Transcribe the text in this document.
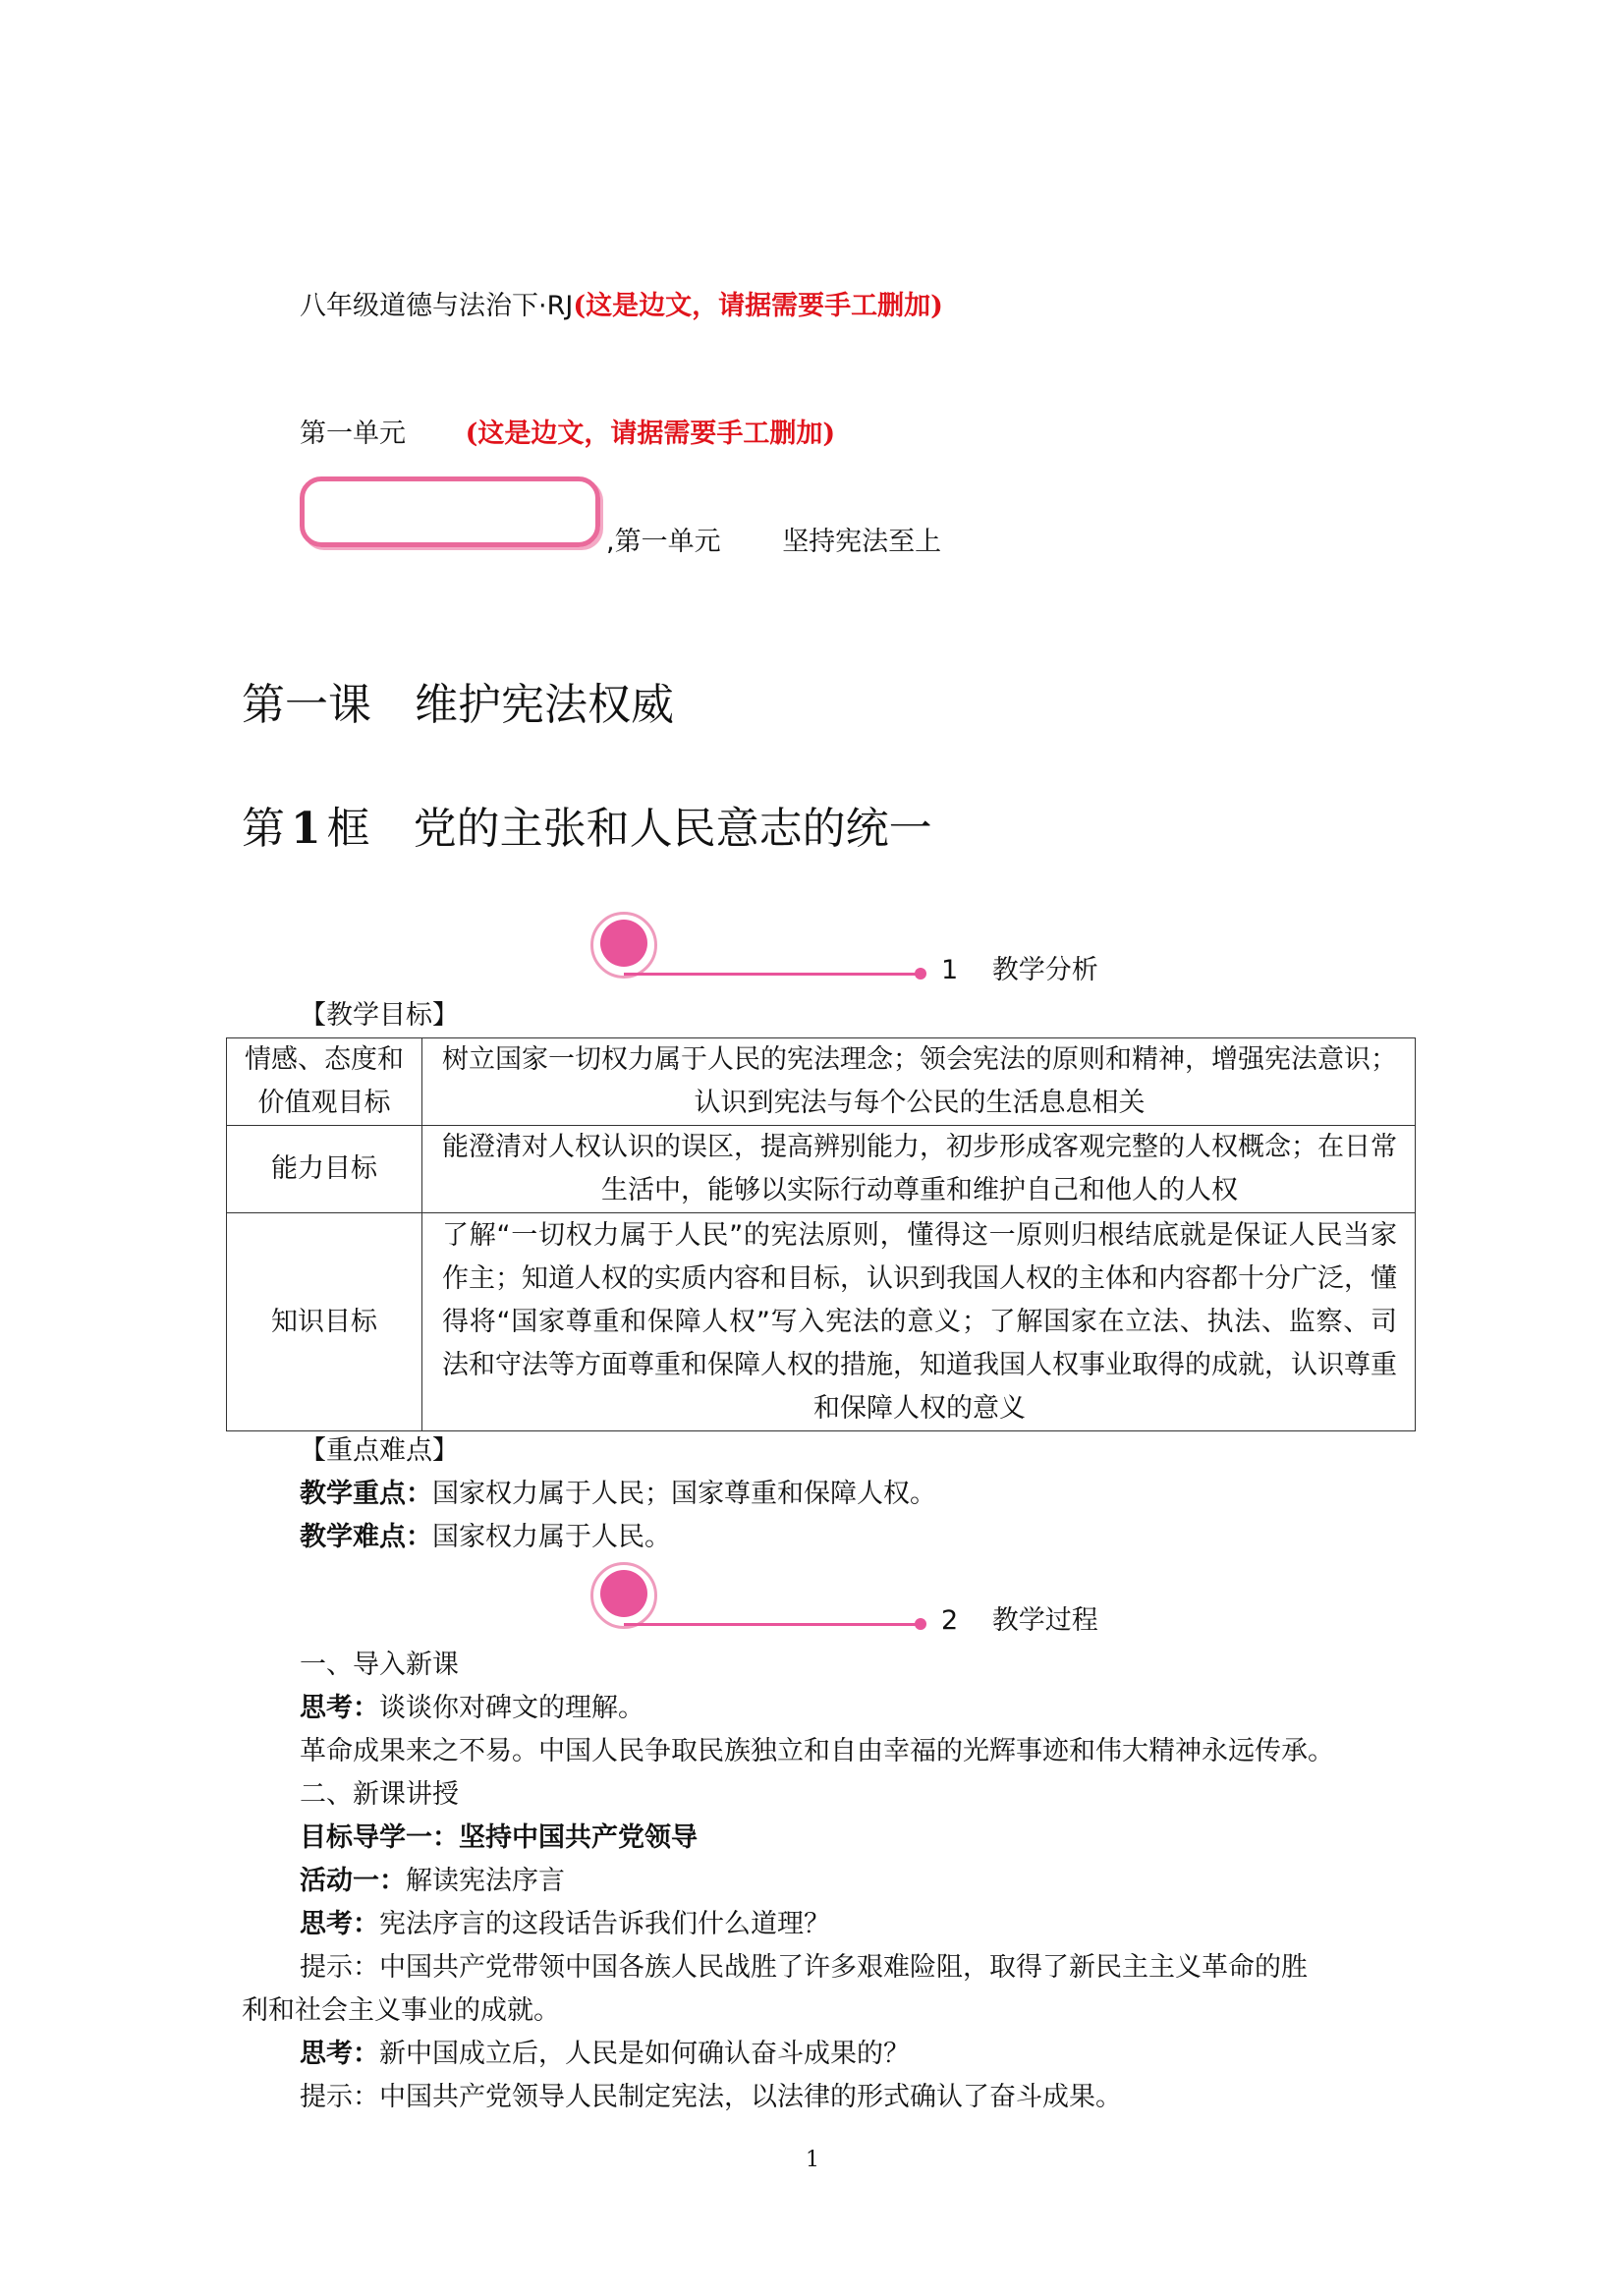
八年级道德与法治下·RJ(这是边文，请据需要手工删加)
第一单元 (这是边文，请据需要手工删加)
,第一单元 坚持宪法至上
第一课　维护宪法权威
第 1 框　党的主张和人民意志的统一
1 教学分析
【教学目标】
情感、态度和
价值观目标	树立国家一切权力属于人民的宪法理念；领会宪法的原则和精神，增强宪法意识；认识到宪法与每个公民的生活息息相关
能力目标	能澄清对人权认识的误区，提高辨别能力，初步形成客观完整的人权概念；在日常生活中，能够以实际行动尊重和维护自己和他人的人权
知识目标	了解“一切权力属于人民”的宪法原则，懂得这一原则归根结底就是保证人民当家作主；知道人权的实质内容和目标，认识到我国人权的主体和内容都十分广泛，懂得将“国家尊重和保障人权”写入宪法的意义；了解国家在立法、执法、监察、司法和守法等方面尊重和保障人权的措施，知道我国人权事业取得的成就，认识尊重和保障人权的意义
【重点难点】
教学重点：国家权力属于人民；国家尊重和保障人权。
教学难点：国家权力属于人民。
2 教学过程
一、导入新课
思考：谈谈你对碑文的理解。
革命成果来之不易。中国人民争取民族独立和自由幸福的光辉事迹和伟大精神永远传承。
二、新课讲授
目标导学一：坚持中国共产党领导
活动一：解读宪法序言
思考：宪法序言的这段话告诉我们什么道理？
提示：中国共产党带领中国各族人民战胜了许多艰难险阻，取得了新民主主义革命的胜
利和社会主义事业的成就。
思考：新中国成立后，人民是如何确认奋斗成果的？
提示：中国共产党领导人民制定宪法，以法律的形式确认了奋斗成果。
1
